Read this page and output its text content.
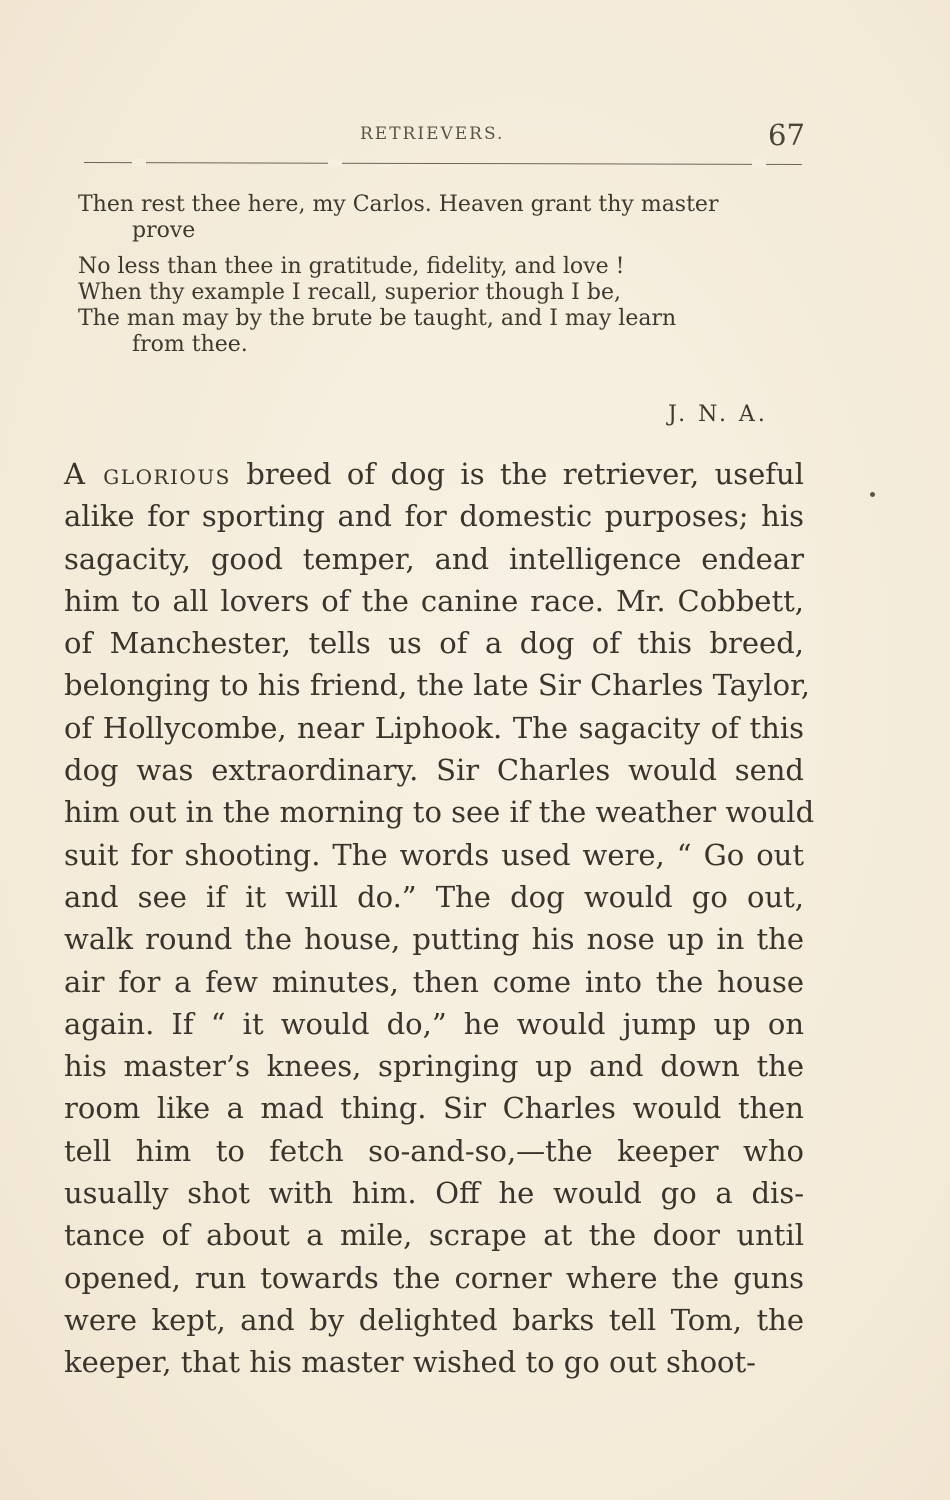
RETRIEVERS.	67
Then rest thee here, my Carlos. Heaven grant thy master
prove
No less than thee in gratitude, fidelity, and love !
When thy example I recall, superior though I be,
The man may by the brute be taught, and I may learn
from thee.
J. N. A.
A glorious breed of dog is the retriever, useful
alike for sporting and for domestic purposes; his
sagacity, good temper, and intelligence endear
him to all lovers of the canine race. Mr. Cobbett,
of Manchester, tells us of a dog of this breed,
belonging to his friend, the late Sir Charles Taylor,
of Hollycombe, near Liphook. The sagacity of this
dog was extraordinary. Sir Charles would send
him out in the morning to see if the weather would
suit for shooting. The words used were, “ Go out
and see if it will do.” The dog would go out,
walk round the house, putting his nose up in the
air for a few minutes, then come into the house
again. If “ it would do,” he would jump up on
his master’s knees, springing up and down the
room like a mad thing. Sir Charles would then
tell him to fetch so-and-so,—the keeper who
usually shot with him. Off he would go a dis-
tance of about a mile, scrape at the door until
opened, run towards the corner where the guns
were kept, and by delighted barks tell Tom, the
keeper, that his master wished to go out shoot-
